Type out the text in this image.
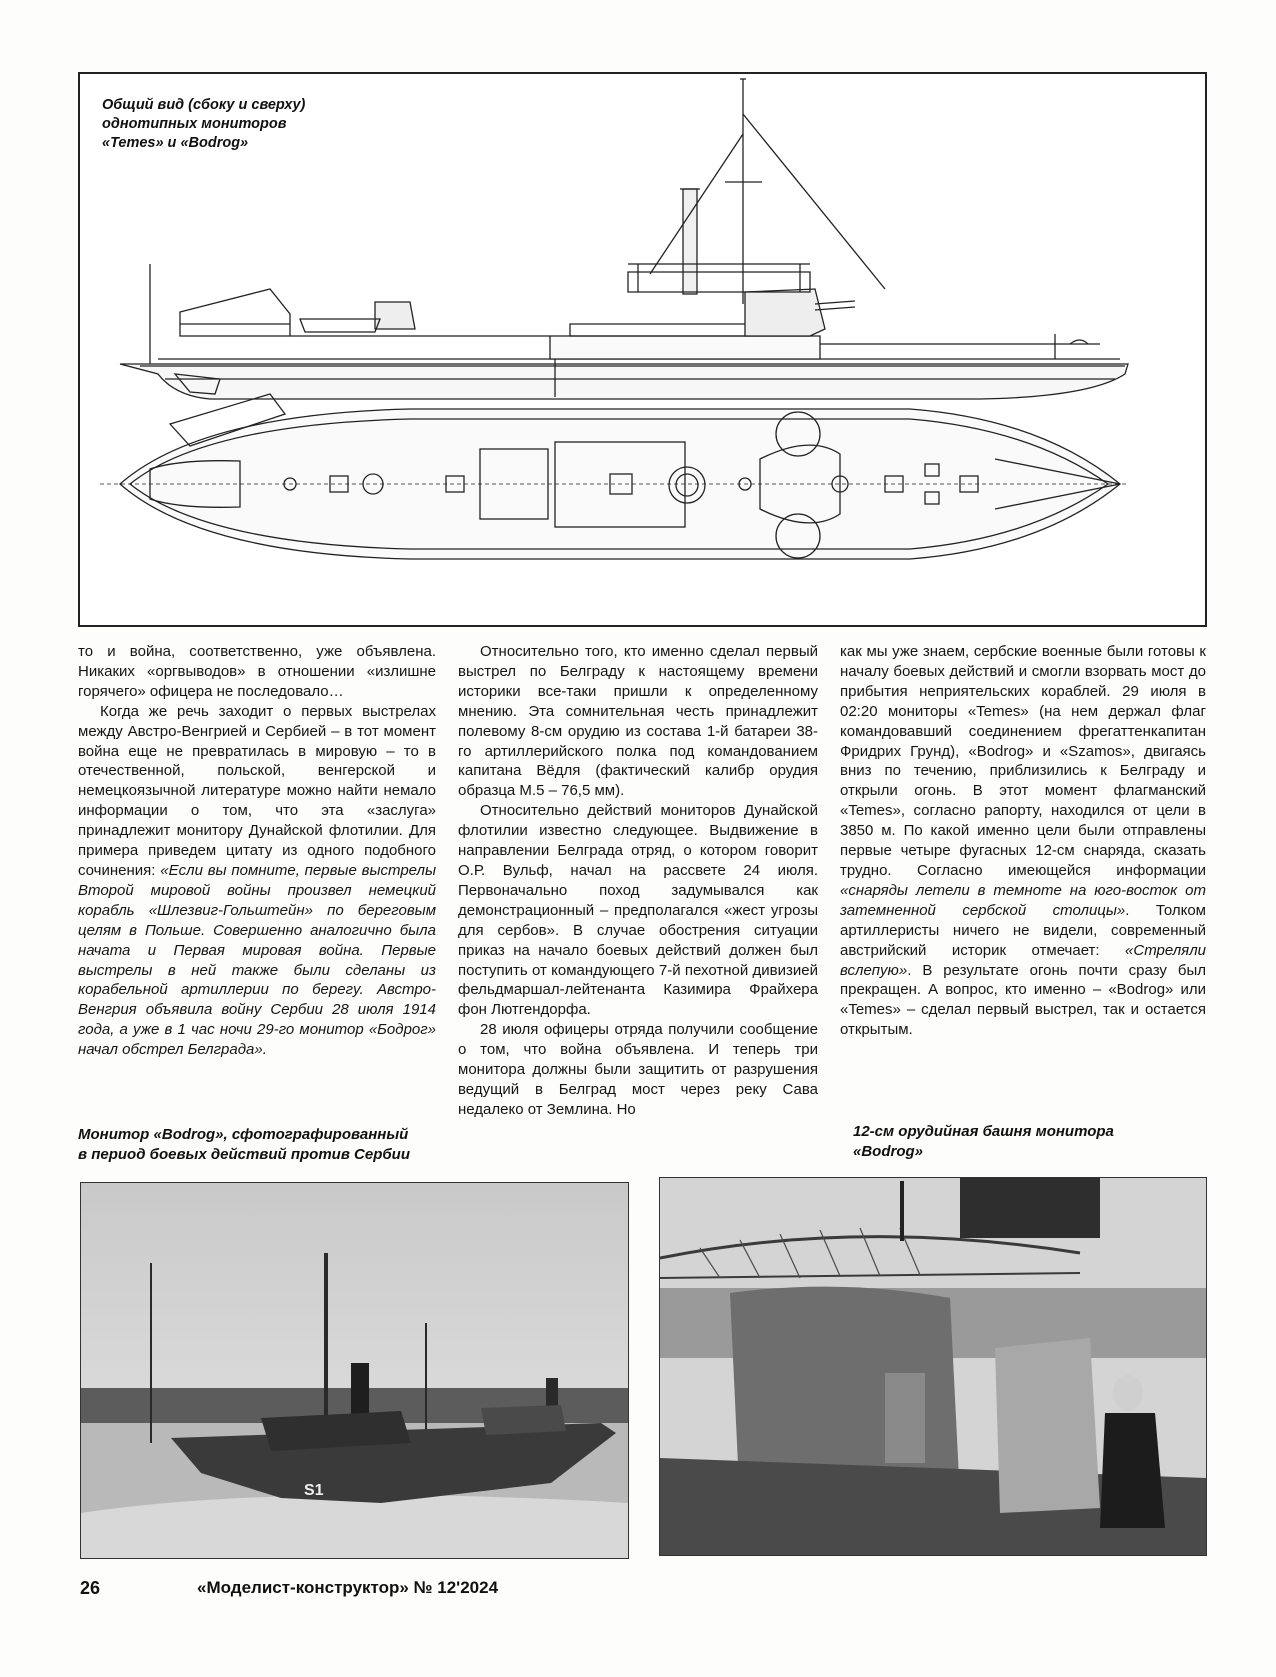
Общий вид (сбоку и сверху)
однотипных мониторов
«Temes» и «Bodrog»

то и война, соответственно, уже объявлена. Никаких «оргвыводов» в отношении «излишне горячего» офицера не последовало…

Когда же речь заходит о первых выстрелах между Австро-Венгрией и Сербией – в тот момент война еще не превратилась в мировую – то в отечественной, польской, венгерской и немецкоязычной литературе можно найти немало информации о том, что эта «заслуга» принадлежит монитору Дунайской флотилии. Для примера приведем цитату из одного подобного сочинения: «Если вы помните, первые выстрелы Второй мировой войны произвел немецкий корабль «Шлезвиг-Гольштейн» по береговым целям в Польше. Совершенно аналогично была начата и Первая мировая война. Первые выстрелы в ней также были сделаны из корабельной артиллерии по берегу. Австро-Венгрия объявила войну Сербии 28 июля 1914 года, а уже в 1 час ночи 29-го монитор «Бодрог» начал обстрел Белграда».

Относительно того, кто именно сделал первый выстрел по Белграду к настоящему времени историки все-таки пришли к определенному мнению. Эта сомнительная честь принадлежит полевому 8-см орудию из состава 1-й батареи 38-го артиллерийского полка под командованием капитана Вёдля (фактический калибр орудия образца М.5 – 76,5 мм).

Относительно действий мониторов Дунайской флотилии известно следующее. Выдвижение в направлении Белграда отряд, о котором говорит О.Р. Вульф, начал на рассвете 24 июля. Первоначально поход задумывался как демонстрационный – предполагался «жест угрозы для сербов». В случае обострения ситуации приказ на начало боевых действий должен был поступить от командующего 7-й пехотной дивизией фельдмаршал-лейтенанта Казимира Фрайхера фон Лютгендорфа.

28 июля офицеры отряда получили сообщение о том, что война объявлена. И теперь три монитора должны были защитить от разрушения ведущий в Белград мост через реку Сава недалеко от Землина. Но

как мы уже знаем, сербские военные были готовы к началу боевых действий и смогли взорвать мост до прибытия неприятельских кораблей. 29 июля в 02:20 мониторы «Temes» (на нем держал флаг командовавший соединением фрегаттенкапитан Фридрих Грунд), «Bodrog» и «Szamos», двигаясь вниз по течению, приблизились к Белграду и открыли огонь. В этот момент флагманский «Temes», согласно рапорту, находился от цели в 3850 м. По какой именно цели были отправлены первые четыре фугасных 12-см снаряда, сказать трудно. Согласно имеющейся информации «снаряды летели в темноте на юго-восток от затемненной сербской столицы». Толком артиллеристы ничего не видели, современный австрийский историк отмечает: «Стреляли вслепую». В результате огонь почти сразу был прекращен. А вопрос, кто именно – «Bodrog» или «Temes» – сделал первый выстрел, так и остается открытым.

Монитор «Bodrog», сфотографированный
в период боевых действий против Сербии
12-см орудийная башня монитора
«Bodrog»
S1
26	«Моделист-конструктор» № 12'2024
